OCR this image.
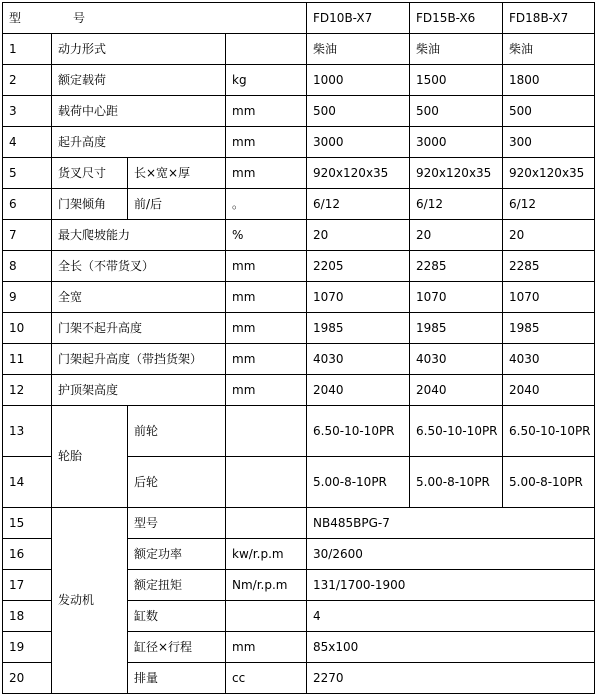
型 号				FD10B-X7	FD15B-X6	FD18B-X7
1	动力形式			柴油	柴油	柴油
2	额定载荷		kg	1000	1500	1800
3	载荷中心距		mm	500	500	500
4	起升高度		mm	3000	3000	300
5	货叉尺寸	长×宽×厚	mm	920x120x35	920x120x35	920x120x35
6	门架倾角	前/后	。	6/12	6/12	6/12
7	最大爬坡能力		%	20	20	20
8	全长（不带货叉）		mm	2205	2285	2285
9	全宽		mm	1070	1070	1070
10	门架不起升高度		mm	1985	1985	1985
11	门架起升高度（带挡货架）		mm	4030	4030	4030
12	护顶架高度		mm	2040	2040	2040
13	轮胎	前轮		6.50-10-10PR	6.50-10-10PR	6.50-10-10PR
14		后轮		5.00-8-10PR	5.00-8-10PR	5.00-8-10PR
15	发动机	型号		NB485BPG-7		
16		额定功率	kw/r.p.m	30/2600		
17		额定扭矩	Nm/r.p.m	131/1700-1900		
18		缸数		4		
19		缸径×行程	mm	85x100		
20		排量	cc	2270		
